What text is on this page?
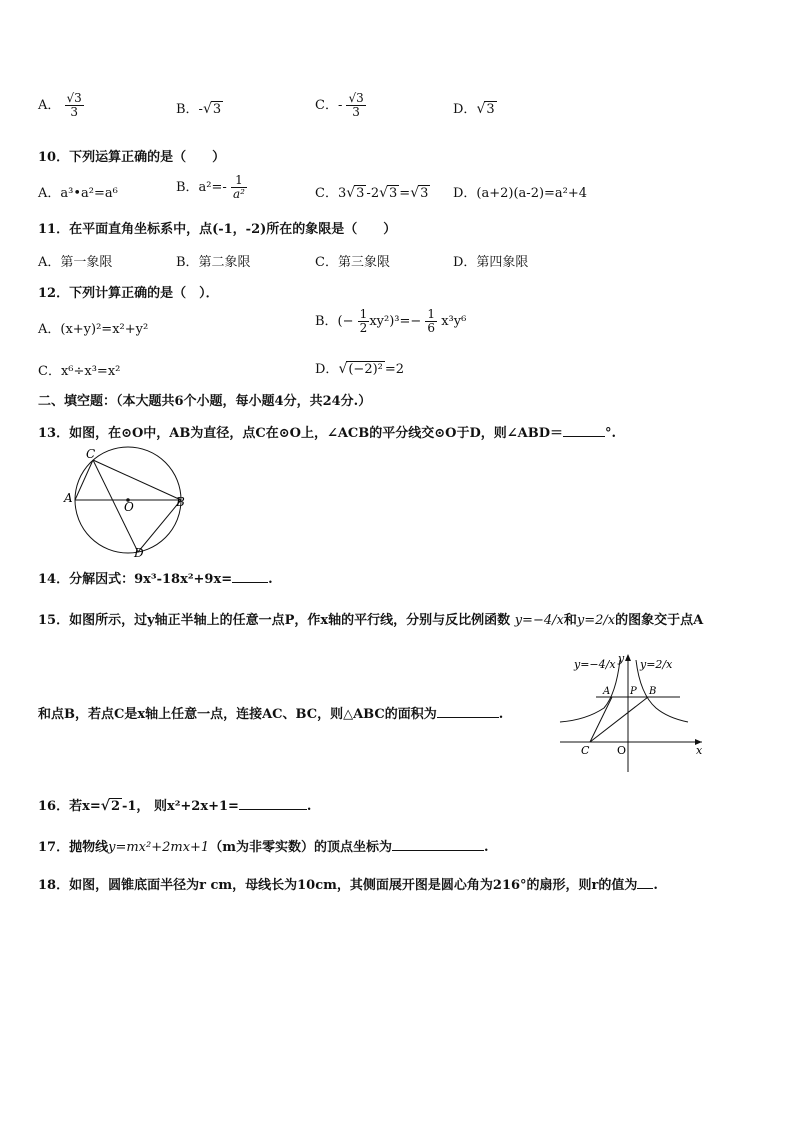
A． $\frac{√3}{3}$	B．-√3	C．- $\frac{√3}{3}$	D．√3
10．下列运算正确的是（　　）
A．a³•a²=a⁶	B．$a^2=- \frac{1}{\text{a²}}$	C．3√3 -2√3 =√3 D．(a+2)(a-2)=a²+4
11．在平面直角坐标系中，点(-1，-2)所在的象限是（　　）
A．第一象限	B．第二象限	C．第三象限	D．第四象限
12．下列计算正确的是（　）．
A．(x+y)²=x²+y²
B．(− $\frac{1}{2} xy^2)^3=- \frac{1}{6} x^3y^6$
C．x⁶÷x³=x²	D．√(−2)² =2
二、填空题：（本大题共6个小题，每小题4分，共24分.）
13．如图，在⊙O中，AB为直径，点C在⊙O上，∠ACB的平分线交⊙O于D，则∠ABD＝	°.
C
A	B
O
D
14．分解因式：9x³-18x²+9x=	.
15．如图所示，过y轴正半轴上的任意一点P，作x轴的平行线，分别与反比例函数 y=−4/x和y=2/x的图象交于点A
和点B，若点C是x轴上任意一点，连接AC、BC，则△ABC的面积为	.
y=−4/x y=2/x
y
x
O
A P B
C
16．若x=√2 -1， 则x²+2x+1=	.
17．抛物线y=mx²+2mx+1（m为非零实数）的顶点坐标为	.
18．如图，圆锥底面半径为r cm，母线长为10cm，其侧面展开图是圆心角为216°的扇形，则r的值为 .
